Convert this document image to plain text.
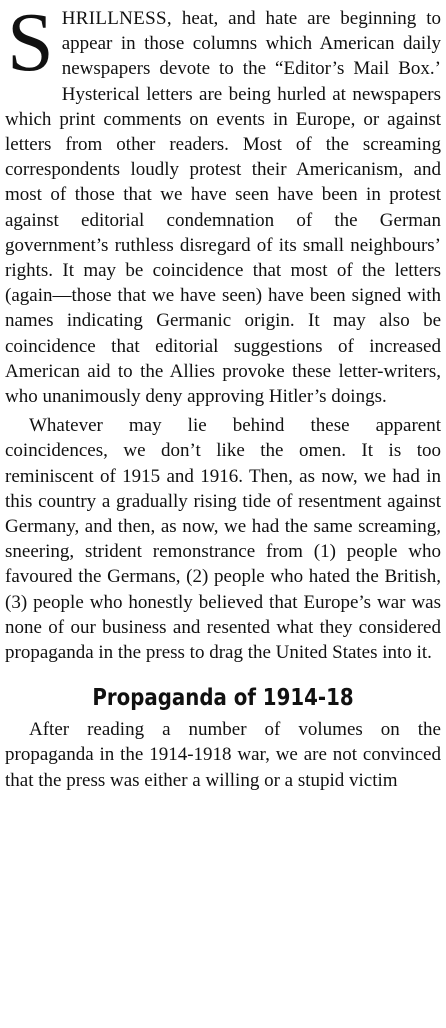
SHRILLNESS, heat, and hate are beginning to appear in those columns which American daily newspapers devote to the “Editor’s Mail Box.’ Hysterical letters are being hurled at newspapers which print comments on events in Europe, or against letters from other readers. Most of the screaming correspondents loudly protest their Americanism, and most of those that we have seen have been in protest against editorial condemnation of the German government’s ruthless disregard of its small neighbours’ rights. It may be coincidence that most of the letters (again—those that we have seen) have been signed with names indicating Germanic origin. It may also be coincidence that editorial suggestions of increased American aid to the Allies provoke these letter-writers, who unanimously deny approving Hitler’s doings.

Whatever may lie behind these apparent coincidences, we don’t like the omen. It is too reminiscent of 1915 and 1916. Then, as now, we had in this country a gradually rising tide of resentment against Germany, and then, as now, we had the same screaming, sneering, strident remonstrance from (1) people who favoured the Germans, (2) people who hated the British, (3) people who honestly believed that Europe’s war was none of our business and resented what they considered propaganda in the press to drag the United States into it.

Propaganda of 1914-18

After reading a number of volumes on the propaganda in the 1914-1918 war, we are not convinced that the press was either a willing or a stupid victim
